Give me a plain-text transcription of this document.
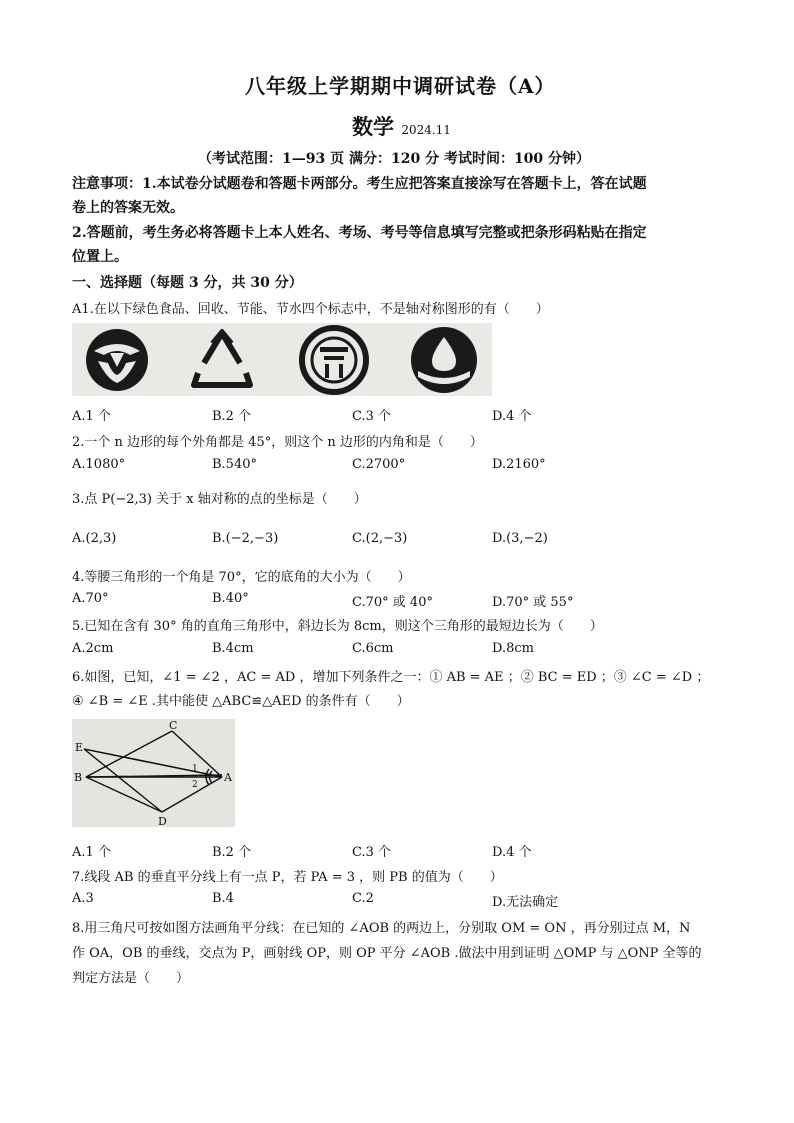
八年级上学期期中调研试卷（A）
数学 2024.11
（考试范围：1—93 页 满分：120 分 考试时间：100 分钟）
注意事项：1.本试卷分试题卷和答题卡两部分。考生应把答案直接涂写在答题卡上，答在试题
卷上的答案无效。
2.答题前，考生务必将答题卡上本人姓名、考场、考号等信息填写完整或把条形码粘贴在指定
位置上。
一、选择题（每题 3 分，共 30 分）
A1.在以下绿色食品、回收、节能、节水四个标志中，不是轴对称图形的有（　　）
A.1 个	B.2 个	C.3 个	D.4 个
2.一个 n 边形的每个外角都是 45°，则这个 n 边形的内角和是（　　）
A.1080°	B.540°	C.2700°	D.2160°
3.点 P(−2,3) 关于 x 轴对称的点的坐标是（　　）
A.(2,3)	B.(−2,−3)	C.(2,−3)	D.(3,−2)
4.等腰三角形的一个角是 70°，它的底角的大小为（　　）
A.70°	B.40°	C.70° 或 40°	D.70° 或 55°
5.已知在含有 30° 角的直角三角形中，斜边长为 8cm，则这个三角形的最短边长为（　　）
A.2cm	B.4cm	C.6cm	D.8cm
6.如图，已知，∠1 = ∠2 ，AC = AD ，增加下列条件之一：① AB = AE ；② BC = ED ；③ ∠C = ∠D ；
④ ∠B = ∠E .其中能使 △ABC≌△AED 的条件有（　　）
C
E
B
1
2
A
D
A.1 个	B.2 个	C.3 个	D.4 个
7.线段 AB 的垂直平分线上有一点 P，若 PA = 3 ，则 PB 的值为（　　）
A.3	B.4	C.2	D.无法确定
8.用三角尺可按如图方法画角平分线：在已知的 ∠AOB 的两边上，分别取 OM = ON ，再分别过点 M，N
作 OA，OB 的垂线，交点为 P，画射线 OP，则 OP 平分 ∠AOB .做法中用到证明 △OMP 与 △ONP 全等的
判定方法是（　　）
